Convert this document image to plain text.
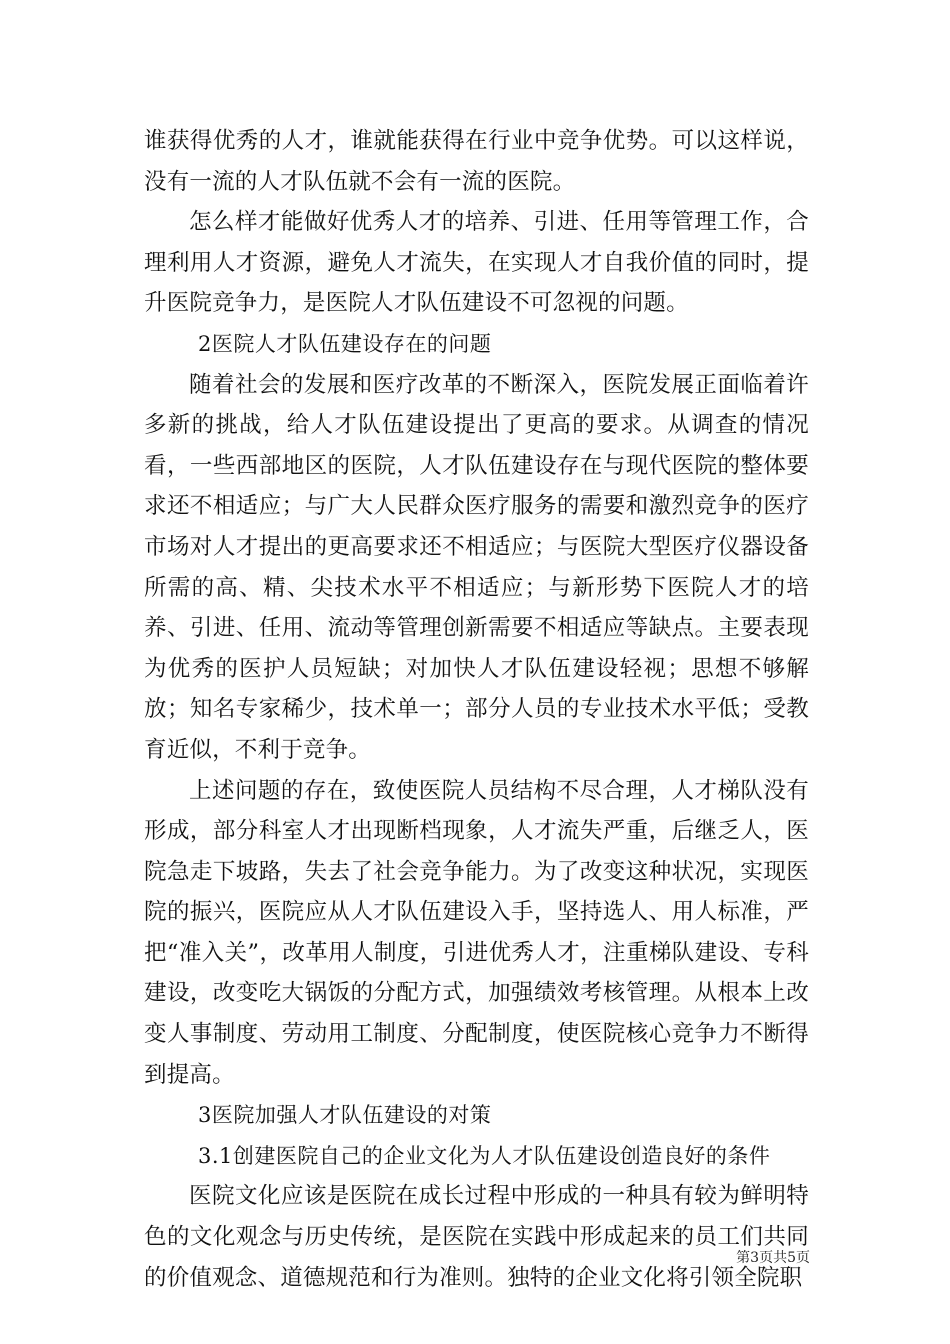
谁获得优秀的人才，谁就能获得在行业中竞争优势。可以这样说，没有一流的人才队伍就不会有一流的医院。

怎么样才能做好优秀人才的培养、引进、任用等管理工作，合理利用人才资源，避免人才流失，在实现人才自我价值的同时，提升医院竞争力，是医院人才队伍建设不可忽视的问题。

2医院人才队伍建设存在的问题

随着社会的发展和医疗改革的不断深入，医院发展正面临着许多新的挑战，给人才队伍建设提出了更高的要求。从调查的情况看，一些西部地区的医院，人才队伍建设存在与现代医院的整体要求还不相适应；与广大人民群众医疗服务的需要和激烈竞争的医疗市场对人才提出的更高要求还不相适应；与医院大型医疗仪器设备所需的高、精、尖技术水平不相适应；与新形势下医院人才的培养、引进、任用、流动等管理创新需要不相适应等缺点。主要表现为优秀的医护人员短缺；对加快人才队伍建设轻视；思想不够解放；知名专家稀少，技术单一；部分人员的专业技术水平低；受教育近似，不利于竞争。

上述问题的存在，致使医院人员结构不尽合理，人才梯队没有形成，部分科室人才出现断档现象，人才流失严重，后继乏人，医院急走下坡路，失去了社会竞争能力。为了改变这种状况，实现医院的振兴，医院应从人才队伍建设入手，坚持选人、用人标准，严把“准入关”，改革用人制度，引进优秀人才，注重梯队建设、专科建设，改变吃大锅饭的分配方式，加强绩效考核管理。从根本上改变人事制度、劳动用工制度、分配制度，使医院核心竞争力不断得到提高。

3医院加强人才队伍建设的对策

3.1创建医院自己的企业文化为人才队伍建设创造良好的条件

医院文化应该是医院在成长过程中形成的一种具有较为鲜明特色的文化观念与历史传统，是医院在实践中形成起来的员工们共同的价值观念、道德规范和行为准则。独特的企业文化将引领全院职

第3页共5页
